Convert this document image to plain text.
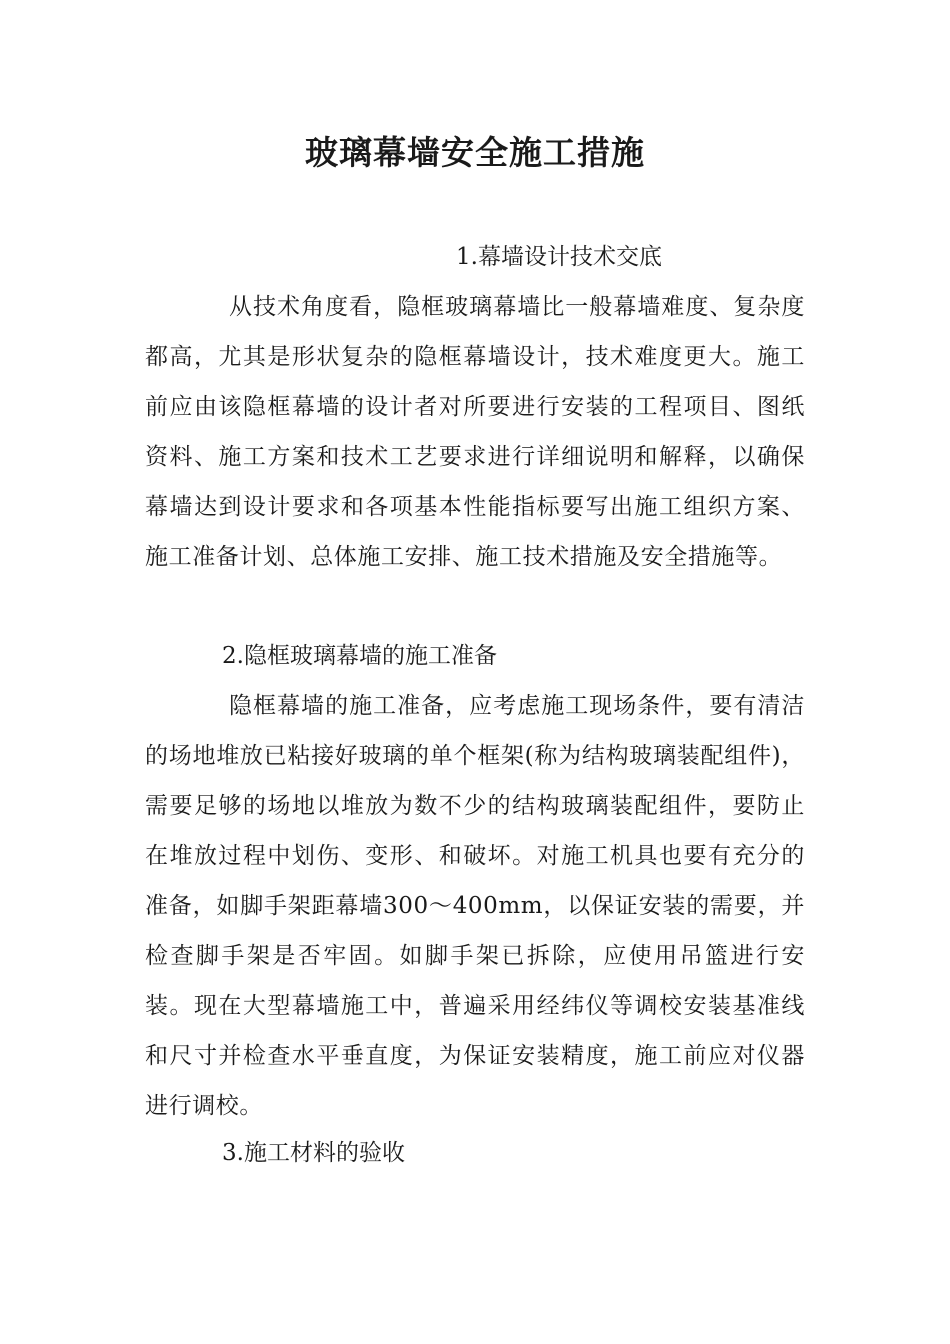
玻璃幕墙安全施工措施

1.幕墙设计技术交底

从技术角度看，隐框玻璃幕墙比一般幕墙难度、复杂度都高，尤其是形状复杂的隐框幕墙设计，技术难度更大。施工前应由该隐框幕墙的设计者对所要进行安装的工程项目、图纸资料、施工方案和技术工艺要求进行详细说明和解释，以确保幕墙达到设计要求和各项基本性能指标要写出施工组织方案、施工准备计划、总体施工安排、施工技术措施及安全措施等。

2.隐框玻璃幕墙的施工准备

隐框幕墙的施工准备，应考虑施工现场条件，要有清洁的场地堆放已粘接好玻璃的单个框架(称为结构玻璃装配组件)，需要足够的场地以堆放为数不少的结构玻璃装配组件，要防止在堆放过程中划伤、变形、和破坏。对施工机具也要有充分的准备，如脚手架距幕墙300～400mm，以保证安装的需要，并检查脚手架是否牢固。如脚手架已拆除，应使用吊篮进行安装。现在大型幕墙施工中，普遍采用经纬仪等调校安装基准线和尺寸并检查水平垂直度，为保证安装精度，施工前应对仪器进行调校。

3.施工材料的验收
